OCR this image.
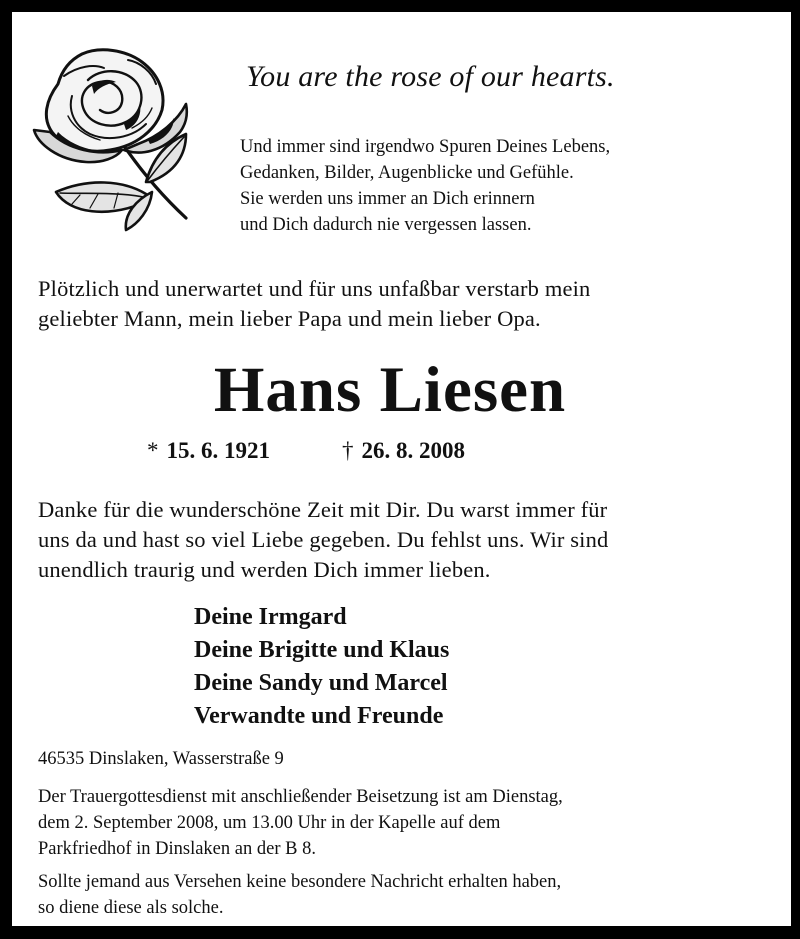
You are the rose of our hearts.
Und immer sind irgendwo Spuren Deines Lebens,
Gedanken, Bilder, Augenblicke und Gefühle.
Sie werden uns immer an Dich erinnern
und Dich dadurch nie vergessen lassen.
Plötzlich und unerwartet und für uns unfaßbar verstarb mein
geliebter Mann, mein lieber Papa und mein lieber Opa.
Hans Liesen
* 15. 6. 1921	† 26. 8. 2008
Danke für die wunderschöne Zeit mit Dir. Du warst immer für
uns da und hast so viel Liebe gegeben. Du fehlst uns. Wir sind
unendlich traurig und werden Dich immer lieben.
Deine Irmgard
Deine Brigitte und Klaus
Deine Sandy und Marcel
Verwandte und Freunde
46535 Dinslaken, Wasserstraße 9
Der Trauergottesdienst mit anschließender Beisetzung ist am Dienstag,
dem 2. September 2008, um 13.00 Uhr in der Kapelle auf dem
Parkfriedhof in Dinslaken an der B 8.
Sollte jemand aus Versehen keine besondere Nachricht erhalten haben,
so diene diese als solche.
